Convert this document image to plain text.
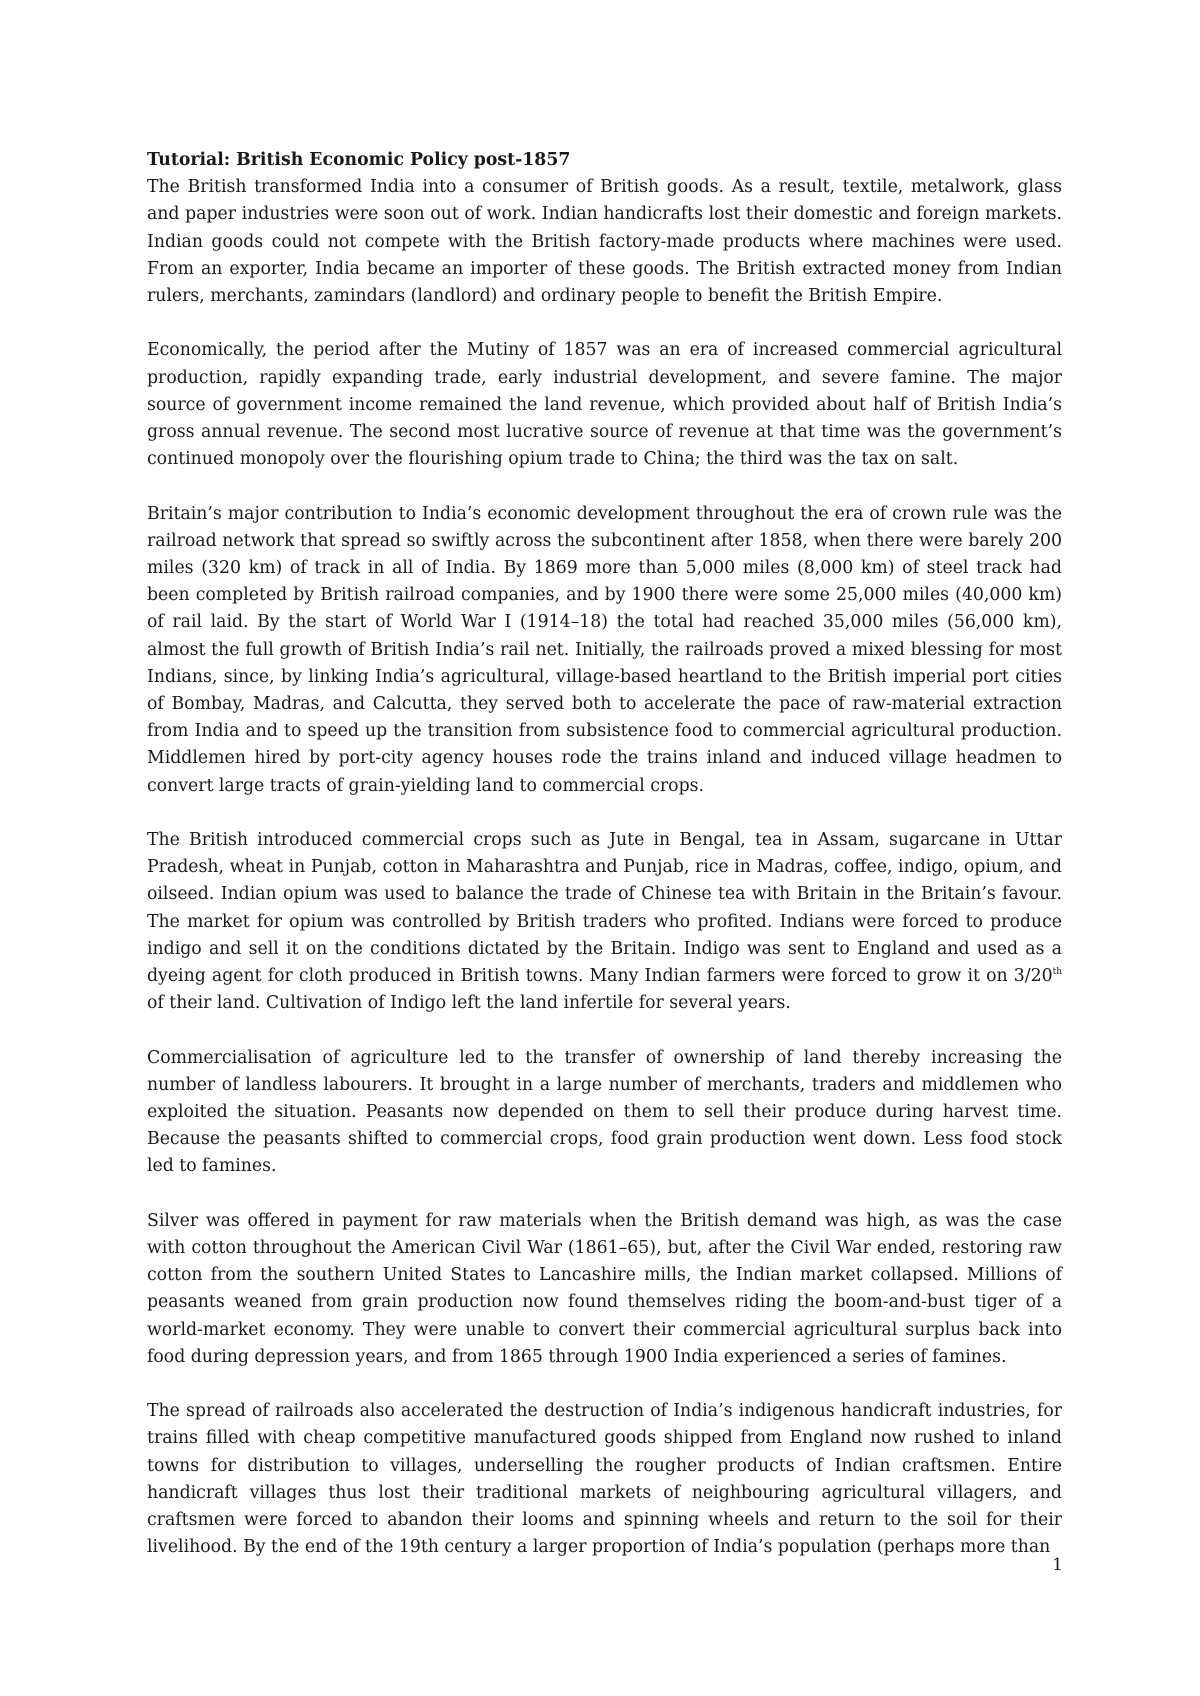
Tutorial: British Economic Policy post-1857

The British transformed India into a consumer of British goods. As a result, textile, metalwork, glass and paper industries were soon out of work. Indian handicrafts lost their domestic and foreign markets. Indian goods could not compete with the British factory-made products where machines were used. From an exporter, India became an importer of these goods. The British extracted money from Indian rulers, merchants, zamindars (landlord) and ordinary people to benefit the British Empire.

Economically, the period after the Mutiny of 1857 was an era of increased commercial agricultural production, rapidly expanding trade, early industrial development, and severe famine. The major source of government income remained the land revenue, which provided about half of British India’s gross annual revenue. The second most lucrative source of revenue at that time was the government’s continued monopoly over the flourishing opium trade to China; the third was the tax on salt.

Britain’s major contribution to India’s economic development throughout the era of crown rule was the railroad network that spread so swiftly across the subcontinent after 1858, when there were barely 200 miles (320 km) of track in all of India. By 1869 more than 5,000 miles (8,000 km) of steel track had been completed by British railroad companies, and by 1900 there were some 25,000 miles (40,000 km) of rail laid. By the start of World War I (1914–18) the total had reached 35,000 miles (56,000 km), almost the full growth of British India’s rail net. Initially, the railroads proved a mixed blessing for most Indians, since, by linking India’s agricultural, village-based heartland to the British imperial port cities of Bombay, Madras, and Calcutta, they served both to accelerate the pace of raw-material extraction from India and to speed up the transition from subsistence food to commercial agricultural production. Middlemen hired by port-city agency houses rode the trains inland and induced village headmen to convert large tracts of grain-yielding land to commercial crops.

The British introduced commercial crops such as Jute in Bengal, tea in Assam, sugarcane in Uttar Pradesh, wheat in Punjab, cotton in Maharashtra and Punjab, rice in Madras, coffee, indigo, opium, and oilseed. Indian opium was used to balance the trade of Chinese tea with Britain in the Britain’s favour. The market for opium was controlled by British traders who profited. Indians were forced to produce indigo and sell it on the conditions dictated by the Britain. Indigo was sent to England and used as a dyeing agent for cloth produced in British towns. Many Indian farmers were forced to grow it on 3/20th of their land. Cultivation of Indigo left the land infertile for several years.

Commercialisation of agriculture led to the transfer of ownership of land thereby increasing the number of landless labourers. It brought in a large number of merchants, traders and middlemen who exploited the situation. Peasants now depended on them to sell their produce during harvest time. Because the peasants shifted to commercial crops, food grain production went down. Less food stock led to famines.

Silver was offered in payment for raw materials when the British demand was high, as was the case with cotton throughout the American Civil War (1861–65), but, after the Civil War ended, restoring raw cotton from the southern United States to Lancashire mills, the Indian market collapsed. Millions of peasants weaned from grain production now found themselves riding the boom-and-bust tiger of a world-market economy. They were unable to convert their commercial agricultural surplus back into food during depression years, and from 1865 through 1900 India experienced a series of famines.

The spread of railroads also accelerated the destruction of India’s indigenous handicraft industries, for trains filled with cheap competitive manufactured goods shipped from England now rushed to inland towns for distribution to villages, underselling the rougher products of Indian craftsmen. Entire handicraft villages thus lost their traditional markets of neighbouring agricultural villagers, and craftsmen were forced to abandon their looms and spinning wheels and return to the soil for their livelihood. By the end of the 19th century a larger proportion of India’s population (perhaps more than

1
